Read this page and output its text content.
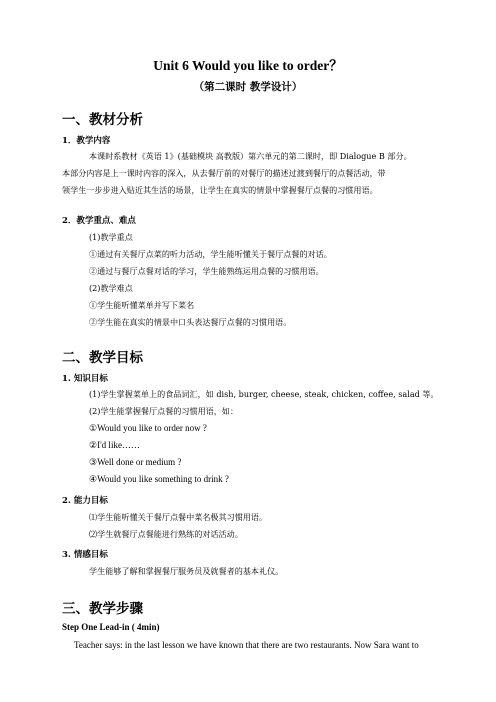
Unit 6 Would you like to order？
（第二课时 教学设计）
一、教材分析
1．教学内容
本课时系教材《英语 1》(基础模块 高教版）第六单元的第二课时，即 Dialogue B 部分。
本部分内容是上一课时内容的深入，从去餐厅前的对餐厅的描述过渡到餐厅的点餐活动，带
领学生一步步进入贴近其生活的场景，让学生在真实的情景中掌握餐厅点餐的习惯用语。
2．教学重点、难点
(1)教学重点
①通过有关餐厅点菜的听力活动，学生能听懂关于餐厅点餐的对话。
②通过与餐厅点餐对话的学习，学生能熟练运用点餐的习惯用语。
(2)教学难点
①学生能听懂菜单并写下菜名
②学生能在真实的情景中口头表达餐厅点餐的习惯用语。
二、教学目标
1. 知识目标
(1)学生掌握菜单上的食品词汇，如 dish, burger, cheese, steak, chicken, coffee, salad 等。
(2)学生能掌握餐厅点餐的习惯用语，如：
①Would you like to order now ?
②I'd like……
③Well done or medium ?
④Would you like something to drink ?
2. 能力目标
⑴学生能听懂关于餐厅点餐中菜名极其习惯用语。
⑵学生就餐厅点餐能进行熟练的对话活动。
3. 情感目标
学生能够了解和掌握餐厅服务员及就餐者的基本礼仪。
三、教学步骤
Step One Lead-in ( 4min)
Teacher says: in the last lesson we have known that there are two restaurants. Now Sara want to
